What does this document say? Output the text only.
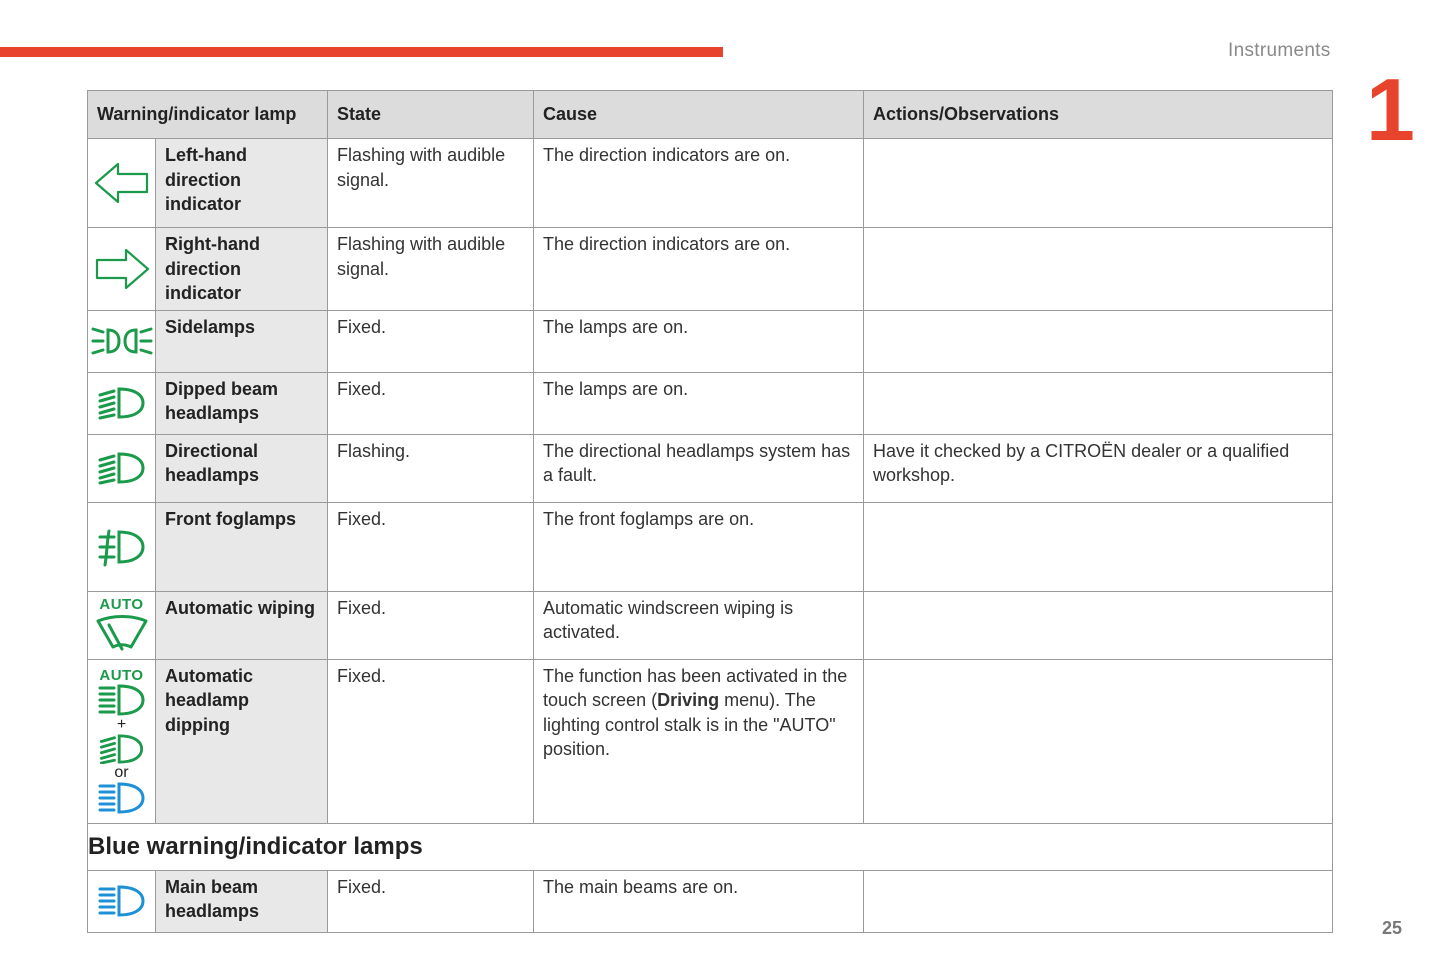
Instruments
1
25
Warning/indicator lamp		State	Cause	Actions/Observations

	Left-hand direction indicator	Flashing with audible signal.	The direction indicators are on.	

	Right-hand direction indicator	Flashing with audible signal.	The direction indicators are on.	

	Sidelamps	Fixed.	The lamps are on.	

	Dipped beam headlamps	Fixed.	The lamps are on.	

	Directional headlamps	Flashing.	The directional headlamps system has a fault.	Have it checked by a CITROËN dealer or a qualified workshop.

	Front foglamps	Fixed.	The front foglamps are on.	

AUTO	Automatic wiping	Fixed.	Automatic windscreen wiping is activated.	

AUTO
+
or	Automatic headlamp dipping	Fixed.	The function has been activated in the touch screen (Driving menu). The lighting control stalk is in the "AUTO" position.	
Blue warning/indicator lamps				

	Main beam headlamps	Fixed.	The main beams are on.	
